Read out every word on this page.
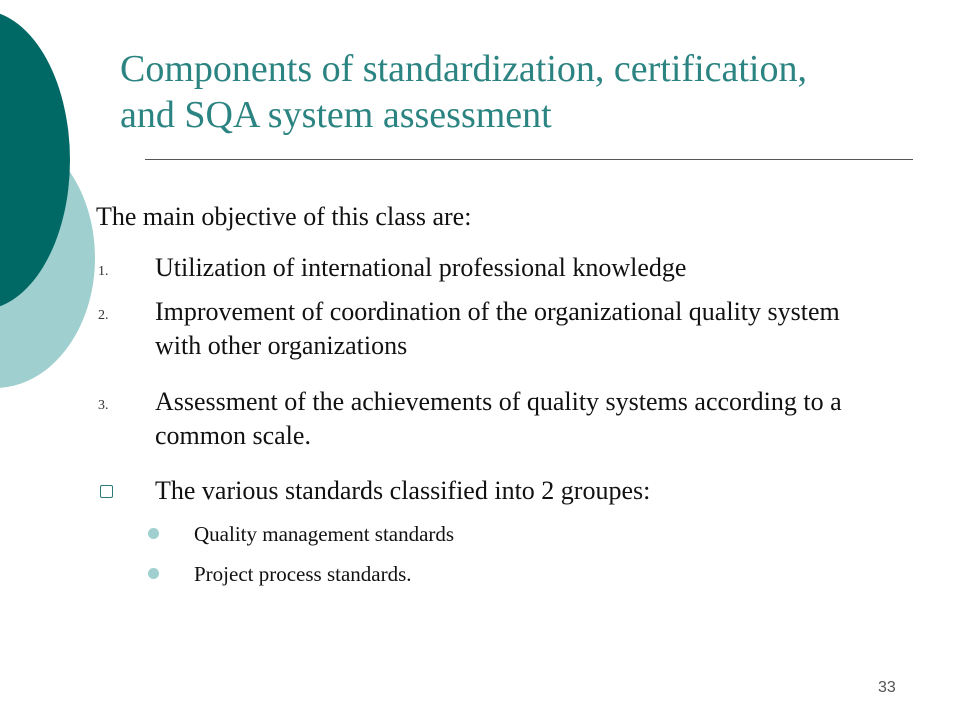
Components of standardization, certification,
and SQA system assessment
The main objective of this class are:
1. Utilization of international professional knowledge
2. Improvement of coordination of the organizational quality system with other organizations
3. Assessment of the achievements of quality systems according to a common scale.
The various standards classified into 2 groupes:
Quality management standards
Project process standards.
33
